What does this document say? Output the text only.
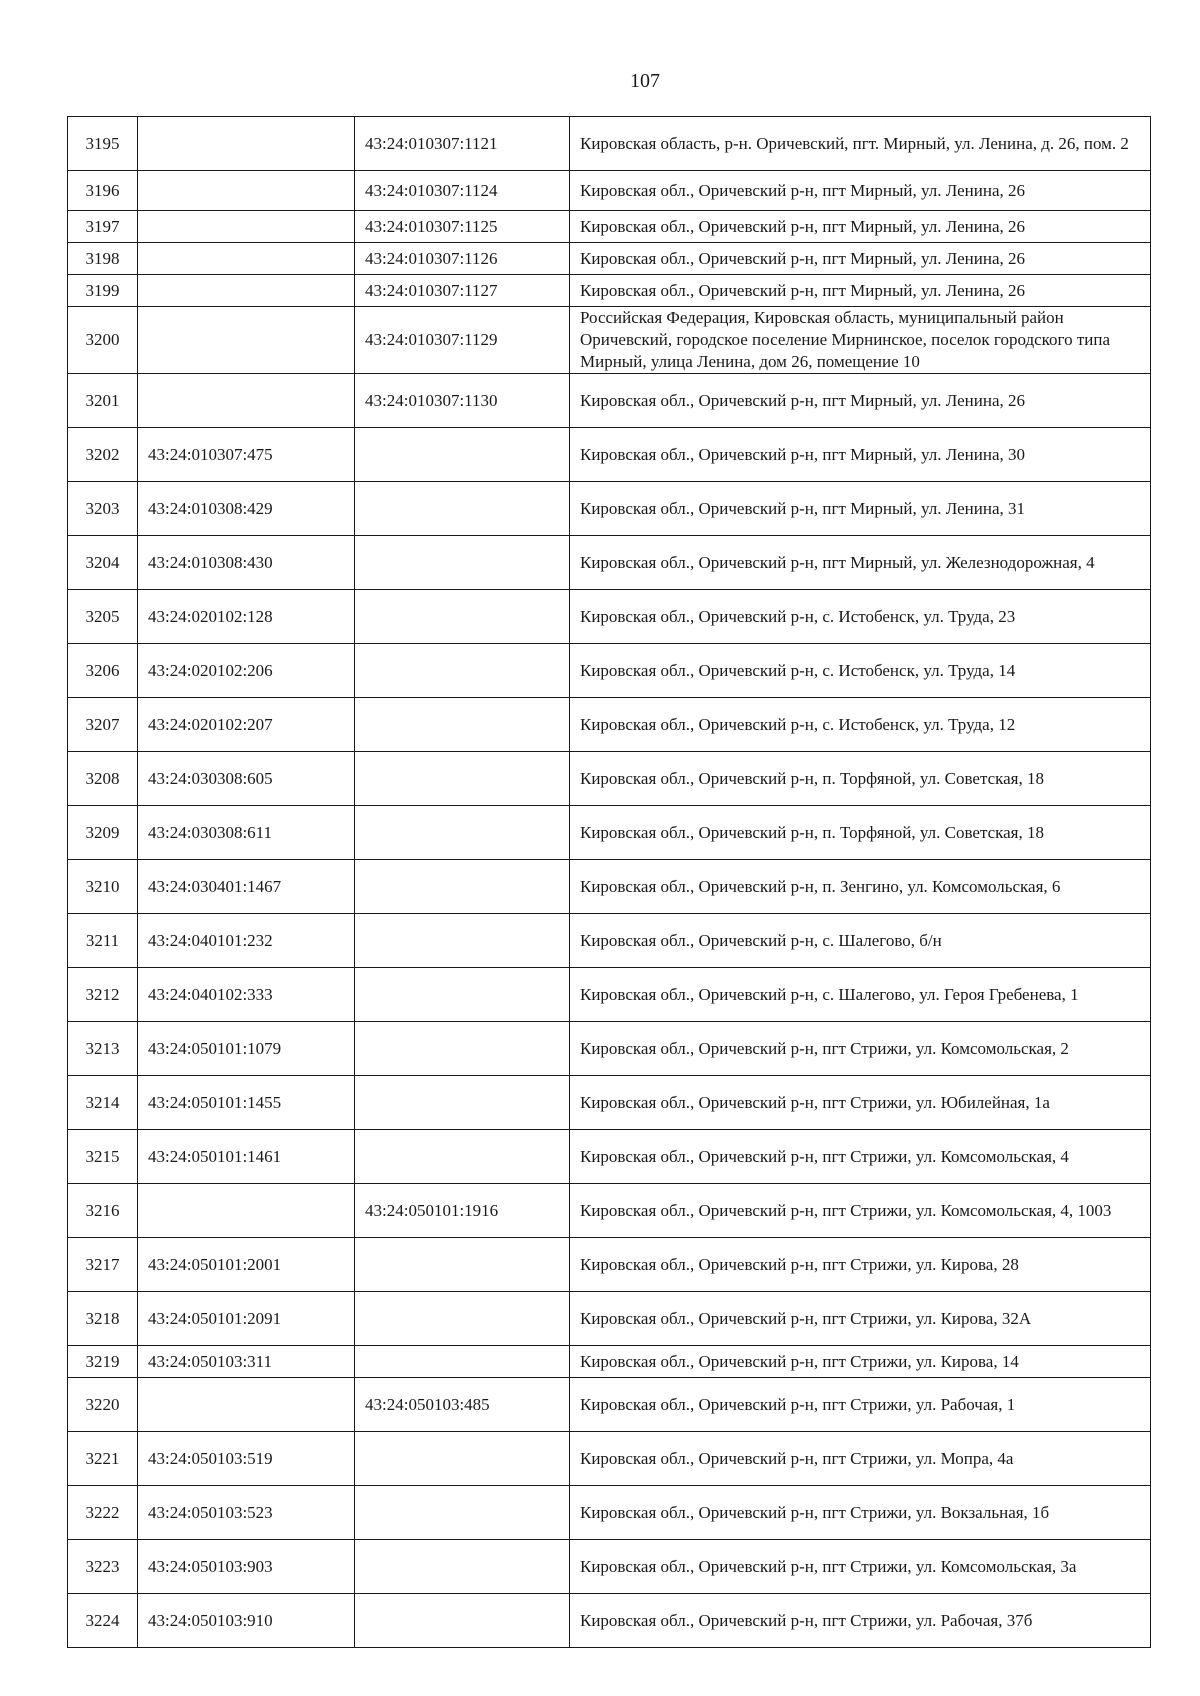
107
3195		43:24:010307:1121	Кировская область, р-н. Оричевский, пгт. Мирный, ул. Ленина, д. 26, пом. 2
3196		43:24:010307:1124	Кировская обл., Оричевский р-н, пгт Мирный, ул. Ленина, 26
3197		43:24:010307:1125	Кировская обл., Оричевский р-н, пгт Мирный, ул. Ленина, 26
3198		43:24:010307:1126	Кировская обл., Оричевский р-н, пгт Мирный, ул. Ленина, 26
3199		43:24:010307:1127	Кировская обл., Оричевский р-н, пгт Мирный, ул. Ленина, 26
3200		43:24:010307:1129	Российская Федерация, Кировская область, муниципальный район Оричевский, городское поселение Мирнинское, поселок городского типа Мирный, улица Ленина, дом 26, помещение 10
3201		43:24:010307:1130	Кировская обл., Оричевский р-н, пгт Мирный, ул. Ленина, 26
3202	43:24:010307:475		Кировская обл., Оричевский р-н, пгт Мирный, ул. Ленина, 30
3203	43:24:010308:429		Кировская обл., Оричевский р-н, пгт Мирный, ул. Ленина, 31
3204	43:24:010308:430		Кировская обл., Оричевский р-н, пгт Мирный, ул. Железнодорожная, 4
3205	43:24:020102:128		Кировская обл., Оричевский р-н, с. Истобенск, ул. Труда, 23
3206	43:24:020102:206		Кировская обл., Оричевский р-н, с. Истобенск, ул. Труда, 14
3207	43:24:020102:207		Кировская обл., Оричевский р-н, с. Истобенск, ул. Труда, 12
3208	43:24:030308:605		Кировская обл., Оричевский р-н, п. Торфяной, ул. Советская, 18
3209	43:24:030308:611		Кировская обл., Оричевский р-н, п. Торфяной, ул. Советская, 18
3210	43:24:030401:1467		Кировская обл., Оричевский р-н, п. Зенгино, ул. Комсомольская, 6
3211	43:24:040101:232		Кировская обл., Оричевский р-н, с. Шалегово, б/н
3212	43:24:040102:333		Кировская обл., Оричевский р-н, с. Шалегово, ул. Героя Гребенева, 1
3213	43:24:050101:1079		Кировская обл., Оричевский р-н, пгт Стрижи, ул. Комсомольская, 2
3214	43:24:050101:1455		Кировская обл., Оричевский р-н, пгт Стрижи, ул. Юбилейная, 1а
3215	43:24:050101:1461		Кировская обл., Оричевский р-н, пгт Стрижи, ул. Комсомольская, 4
3216		43:24:050101:1916	Кировская обл., Оричевский р-н, пгт Стрижи, ул. Комсомольская, 4, 1003
3217	43:24:050101:2001		Кировская обл., Оричевский р-н, пгт Стрижи, ул. Кирова, 28
3218	43:24:050101:2091		Кировская обл., Оричевский р-н, пгт Стрижи, ул. Кирова, 32А
3219	43:24:050103:311		Кировская обл., Оричевский р-н, пгт Стрижи, ул. Кирова, 14
3220		43:24:050103:485	Кировская обл., Оричевский р-н, пгт Стрижи, ул. Рабочая, 1
3221	43:24:050103:519		Кировская обл., Оричевский р-н, пгт Стрижи, ул. Мопра, 4а
3222	43:24:050103:523		Кировская обл., Оричевский р-н, пгт Стрижи, ул. Вокзальная, 1б
3223	43:24:050103:903		Кировская обл., Оричевский р-н, пгт Стрижи, ул. Комсомольская, 3а
3224	43:24:050103:910		Кировская обл., Оричевский р-н, пгт Стрижи, ул. Рабочая, 37б
